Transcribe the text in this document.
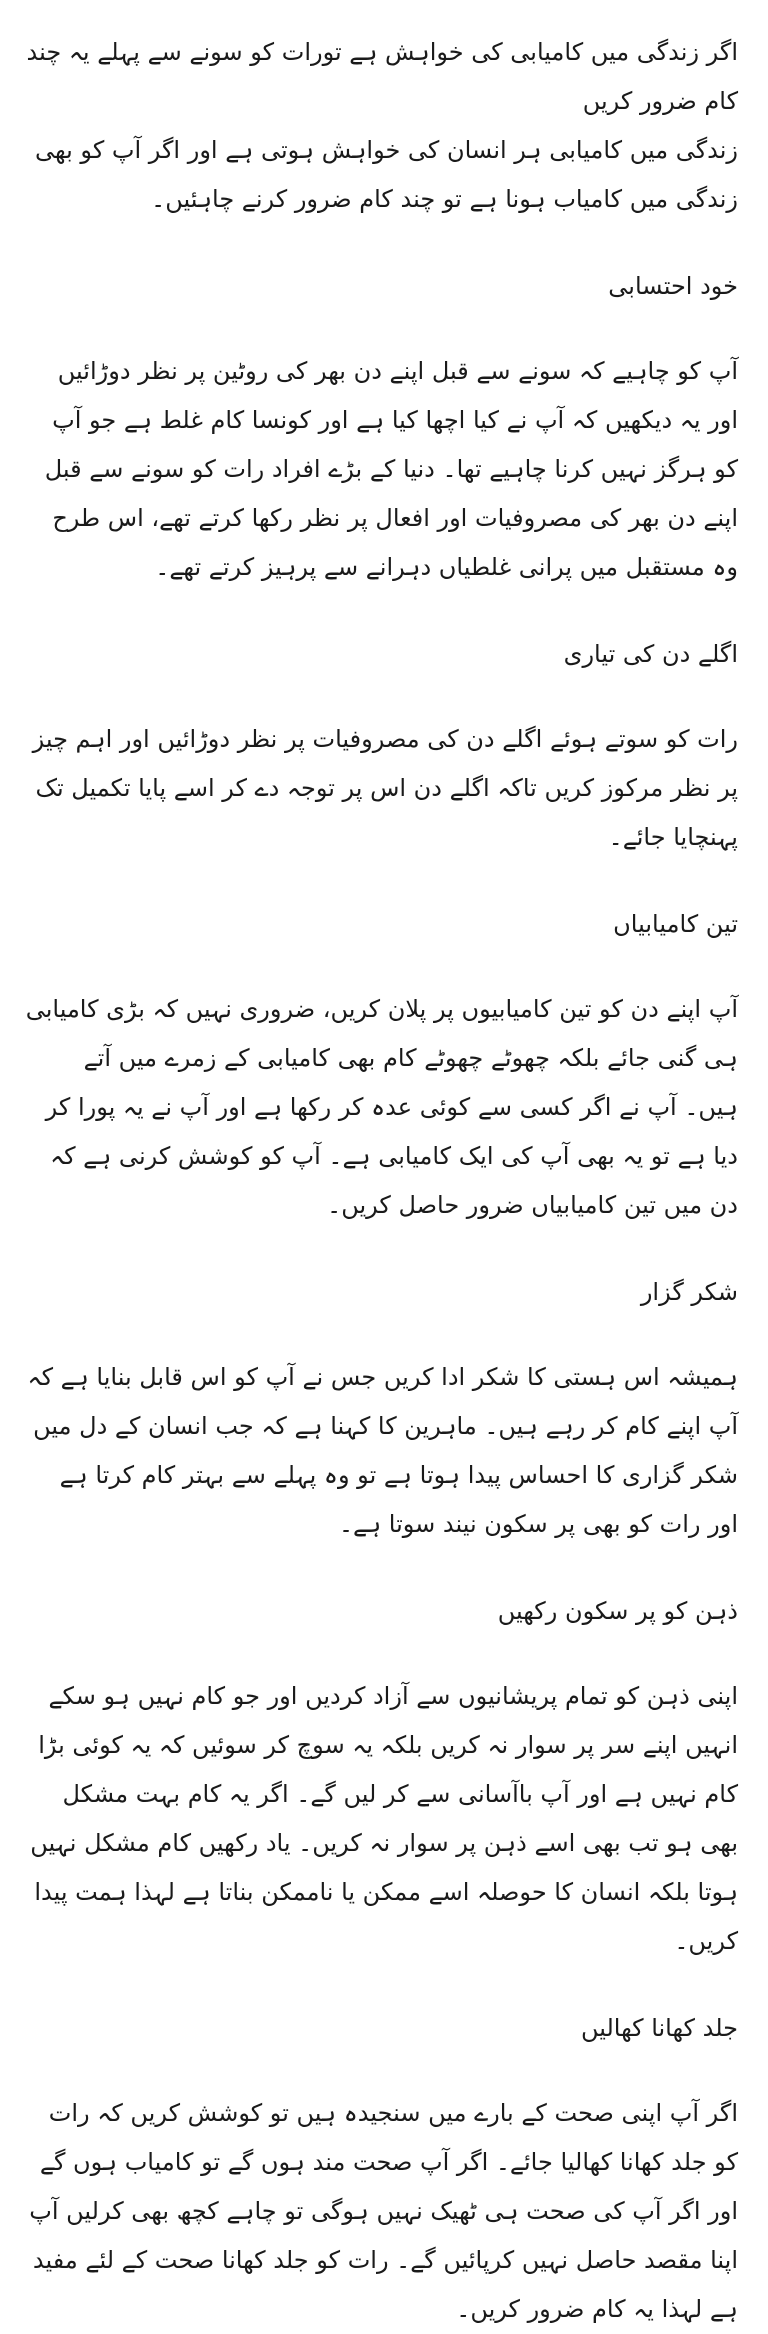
اگر زندگی میں کامیابی کی خواہش ہے تورات کو سونے سے پہلے یہ چند کام ضرور کریں

زندگی میں کامیابی ہر انسان کی خواہش ہوتی ہے اور اگر آپ کو بھی زندگی میں کامیاب ہونا ہے تو چند کام ضرور کرنے چاہئیں۔

خود احتسابی

آپ کو چاہیے کہ سونے سے قبل اپنے دن بھر کی روٹین پر نظر دوڑائیں اور یہ دیکھیں کہ آپ نے کیا اچھا کیا ہے اور کونسا کام غلط ہے جو آپ کو ہرگز نہیں کرنا چاہیے تھا۔ دنیا کے بڑے افراد رات کو سونے سے قبل اپنے دن بھر کی مصروفیات اور افعال پر نظر رکھا کرتے تھے، اس طرح وہ مستقبل میں پرانی غلطیاں دہرانے سے پرہیز کرتے تھے۔

اگلے دن کی تیاری

رات کو سوتے ہوئے اگلے دن کی مصروفیات پر نظر دوڑائیں اور اہم چیز پر نظر مرکوز کریں تاکہ اگلے دن اس پر توجہ دے کر اسے پایا تکمیل تک پہنچایا جائے۔

تین کامیابیاں

آپ اپنے دن کو تین کامیابیوں پر پلان کریں، ضروری نہیں کہ بڑی کامیابی ہی گنی جائے بلکہ چھوٹے چھوٹے کام بھی کامیابی کے زمرے میں آتے ہیں۔ آپ نے اگر کسی سے کوئی عدہ کر رکھا ہے اور آپ نے یہ پورا کر دیا ہے تو یہ بھی آپ کی ایک کامیابی ہے۔ آپ کو کوشش کرنی ہے کہ دن میں تین کامیابیاں ضرور حاصل کریں۔

شکر گزار

ہمیشہ اس ہستی کا شکر ادا کریں جس نے آپ کو اس قابل بنایا ہے کہ آپ اپنے کام کر رہے ہیں۔ ماہرین کا کہنا ہے کہ جب انسان کے دل میں شکر گزاری کا احساس پیدا ہوتا ہے تو وہ پہلے سے بہتر کام کرتا ہے اور رات کو بھی پر سکون نیند سوتا ہے۔

ذہن کو پر سکون رکھیں

اپنی ذہن کو تمام پریشانیوں سے آزاد کردیں اور جو کام نہیں ہو سکے انہیں اپنے سر پر سوار نہ کریں بلکہ یہ سوچ کر سوئیں کہ یہ کوئی بڑا کام نہیں ہے اور آپ باآسانی سے کر لیں گے۔ اگر یہ کام بہت مشکل بھی ہو تب بھی اسے ذہن پر سوار نہ کریں۔ یاد رکھیں کام مشکل نہیں ہوتا بلکہ انسان کا حوصلہ اسے ممکن یا ناممکن بناتا ہے لہذا ہمت پیدا کریں۔

جلد کھانا کھالیں

اگر آپ اپنی صحت کے بارے میں سنجیدہ ہیں تو کوشش کریں کہ رات کو جلد کھانا کھالیا جائے۔ اگر آپ صحت مند ہوں گے تو کامیاب ہوں گے اور اگر آپ کی صحت ہی ٹھیک نہیں ہوگی تو چاہے کچھ بھی کرلیں آپ اپنا مقصد حاصل نہیں کرپائیں گے۔ رات کو جلد کھانا صحت کے لئے مفید ہے لہذا یہ کام ضرور کریں۔
